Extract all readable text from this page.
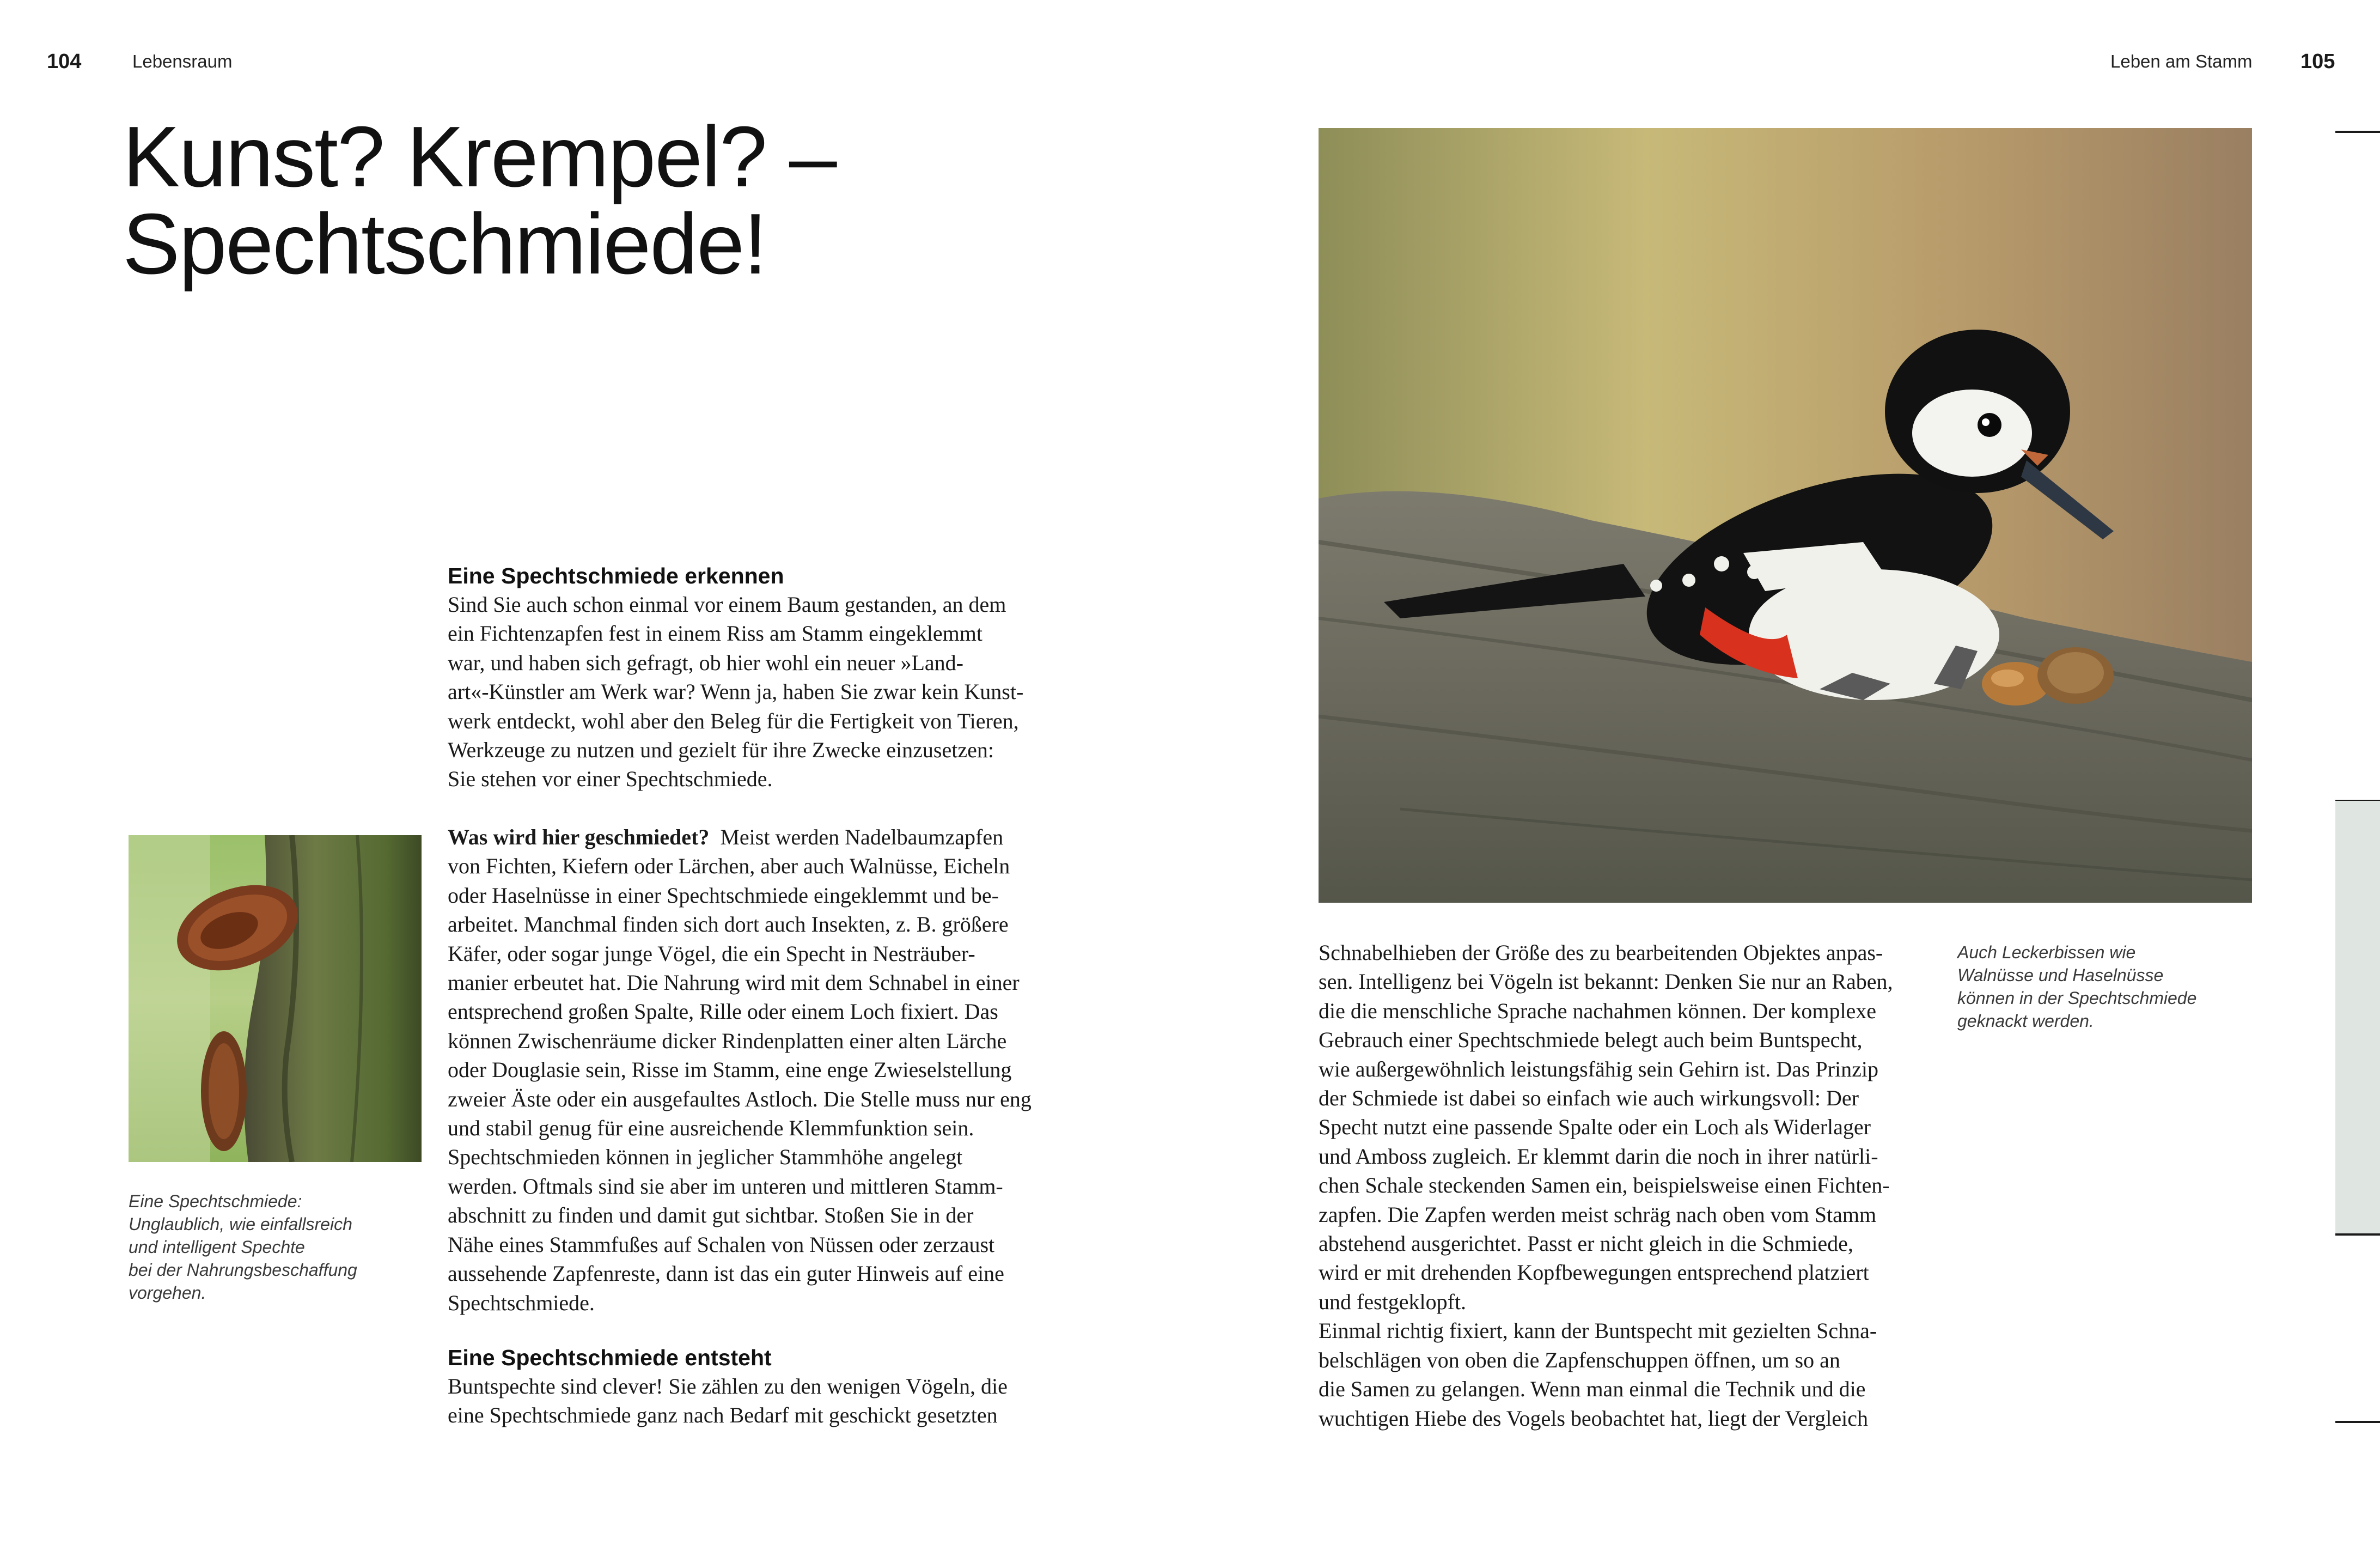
104	Lebensraum
Kunst? Krempel? –
Spechtschmiede!
Eine Spechtschmiede erkennen

Sind Sie auch schon einmal vor einem Baum gestanden, an dem

ein Fichtenzapfen fest in einem Riss am Stamm eingeklemmt

war, und haben sich gefragt, ob hier wohl ein neuer »Land-

art«-Künstler am Werk war? Wenn ja, haben Sie zwar kein Kunst-

werk entdeckt, wohl aber den Beleg für die Fertigkeit von Tieren,

Werkzeuge zu nutzen und gezielt für ihre Zwecke einzusetzen:

Sie stehen vor einer Spechtschmiede.

Was wird hier geschmiedet? Meist werden Nadelbaumzapfen

von Fichten, Kiefern oder Lärchen, aber auch Walnüsse, Eicheln

oder Haselnüsse in einer Spechtschmiede eingeklemmt und be-

arbeitet. Manchmal finden sich dort auch Insekten, z. B. größere

Käfer, oder sogar junge Vögel, die ein Specht in Nesträuber-

manier erbeutet hat. Die Nahrung wird mit dem Schnabel in einer

entsprechend großen Spalte, Rille oder einem Loch fixiert. Das

können Zwischenräume dicker Rindenplatten einer alten Lärche

oder Douglasie sein, Risse im Stamm, eine enge Zwieselstellung

zweier Äste oder ein ausgefaultes Astloch. Die Stelle muss nur eng

und stabil genug für eine ausreichende Klemmfunktion sein.

Spechtschmieden können in jeglicher Stammhöhe angelegt

werden. Oftmals sind sie aber im unteren und mittleren Stamm-

abschnitt zu finden und damit gut sichtbar. Stoßen Sie in der

Nähe eines Stammfußes auf Schalen von Nüssen oder zerzaust

aussehende Zapfenreste, dann ist das ein guter Hinweis auf eine

Spechtschmiede.

Eine Spechtschmiede entsteht

Buntspechte sind clever! Sie zählen zu den wenigen Vögeln, die

eine Spechtschmiede ganz nach Bedarf mit geschickt gesetzten

Eine Spechtschmiede:
Unglaublich, wie einfallsreich
und intelligent Spechte
bei der Nahrungsbeschaffung
vorgehen.
Leben am Stamm 105

Schnabelhieben der Größe des zu bearbeitenden Objektes anpas-

sen. Intelligenz bei Vögeln ist bekannt: Denken Sie nur an Raben,

die die menschliche Sprache nachahmen können. Der komplexe

Gebrauch einer Spechtschmiede belegt auch beim Buntspecht,

wie außergewöhnlich leistungsfähig sein Gehirn ist. Das Prinzip

der Schmiede ist dabei so einfach wie auch wirkungsvoll: Der

Specht nutzt eine passende Spalte oder ein Loch als Widerlager

und Amboss zugleich. Er klemmt darin die noch in ihrer natürli-

chen Schale steckenden Samen ein, beispielsweise einen Fichten-

zapfen. Die Zapfen werden meist schräg nach oben vom Stamm

abstehend ausgerichtet. Passt er nicht gleich in die Schmiede,

wird er mit drehenden Kopfbewegungen entsprechend platziert

und festgeklopft.

Einmal richtig fixiert, kann der Buntspecht mit gezielten Schna-

belschlägen von oben die Zapfenschuppen öffnen, um so an

die Samen zu gelangen. Wenn man einmal die Technik und die

wuchtigen Hiebe des Vogels beobachtet hat, liegt der Vergleich

Auch Leckerbissen wie
Walnüsse und Haselnüsse
können in der Spechtschmiede
geknackt werden.
